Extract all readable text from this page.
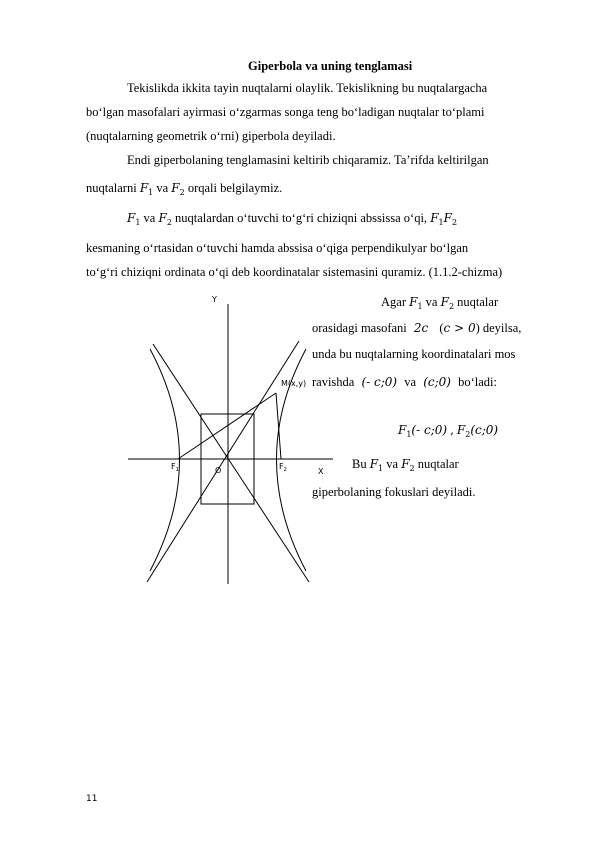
Giperbola va uning tenglamasi
Tekislikda ikkita tayin nuqtalarni olaylik. Tekislikning bu nuqtalargacha
bo‘lgan masofalari ayirmasi o‘zgarmas songa teng bo‘ladigan nuqtalar to‘plami
(nuqtalarning geometrik o‘rni) giperbola deyiladi.
Endi giperbolaning tenglamasini keltirib chiqaramiz. Ta’rifda keltirilgan
nuqtalarni $F_1$ va $F_2$ orqali belgilaymiz.
$F_1$ va $F_2$ nuqtalardan o‘tuvchi to‘g‘ri chiziqni abssissa o‘qi, $F_1F_2$
kesmaning o‘rtasidan o‘tuvchi hamda abssisa o‘qiga perpendikulyar bo‘lgan
to‘g‘ri chiziqni ordinata o‘qi deb koordinatalar sistemasini quramiz. (1.1.2-chizma)
Agar $F_1$ va $F_2$ nuqtalar
orasidagi masofani 2c (c > 0) deyilsa,
unda bu nuqtalarning koordinatalari mos
ravishda (- c;0) va (c;0) bo‘ladi:
$F_1(-$ c;0) , $F_2(c;0)$
Bu $F_1$ va $F_2$ nuqtalar
giperbolaning fokuslari deyiladi.
Y
X
M(x,y)
O
$F_1$	$F_2$
11
